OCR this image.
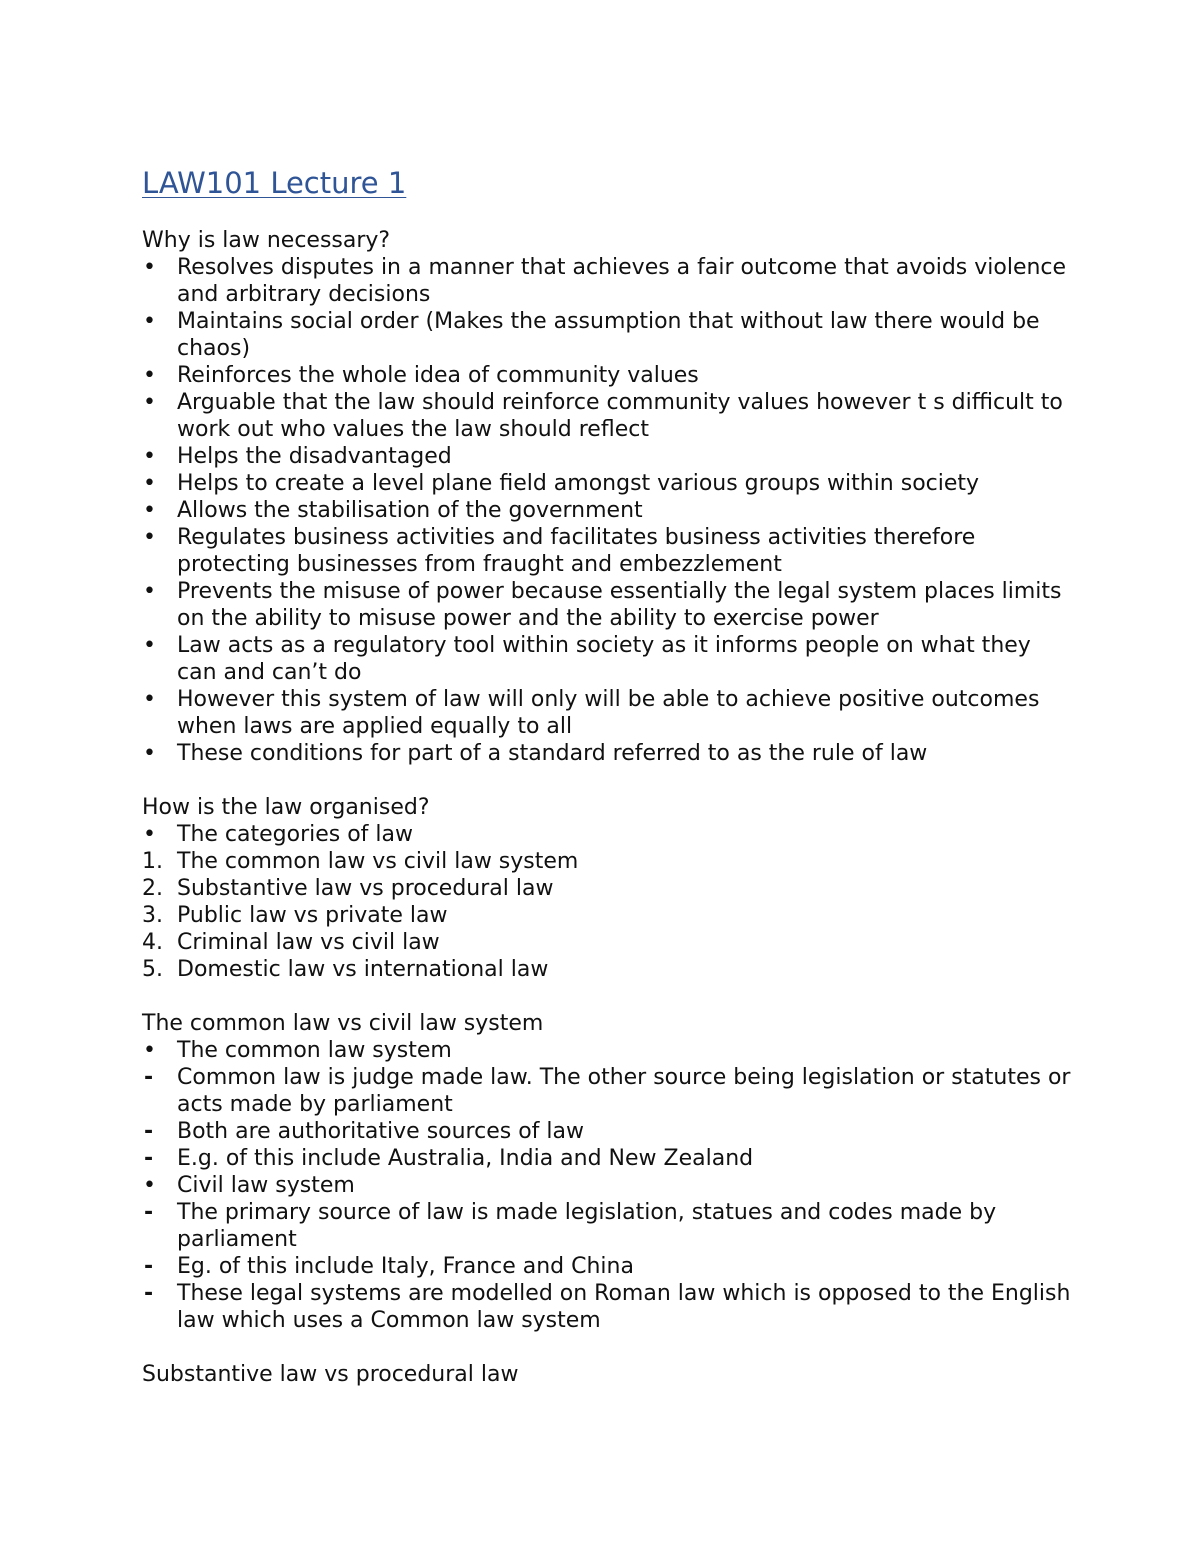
LAW101 Lecture 1

Why is law necessary?

• Resolves disputes in a manner that achieves a fair outcome that avoids violence and arbitrary decisions
• Maintains social order (Makes the assumption that without law there would be chaos)
• Reinforces the whole idea of community values
• Arguable that the law should reinforce community values however t s difficult to work out who values the law should reflect
• Helps the disadvantaged
• Helps to create a level plane field amongst various groups within society
• Allows the stabilisation of the government
• Regulates business activities and facilitates business activities therefore protecting businesses from fraught and embezzlement
• Prevents the misuse of power because essentially the legal system places limits on the ability to misuse power and the ability to exercise power
• Law acts as a regulatory tool within society as it informs people on what they can and can’t do
• However this system of law will only will be able to achieve positive outcomes when laws are applied equally to all
• These conditions for part of a standard referred to as the rule of law

How is the law organised?

• The categories of law
1. The common law vs civil law system
2. Substantive law vs procedural law
3. Public law vs private law
4. Criminal law vs civil law
5. Domestic law vs international law

The common law vs civil law system

• The common law system
-	Common law is judge made law. The other source being legislation or statutes or acts made by parliament
-	Both are authoritative sources of law
-	E.g. of this include Australia, India and New Zealand
• Civil law system
-	The primary source of law is made legislation, statues and codes made by parliament
-	Eg. of this include Italy, France and China
-	These legal systems are modelled on Roman law which is opposed to the English law which uses a Common law system

Substantive law vs procedural law
